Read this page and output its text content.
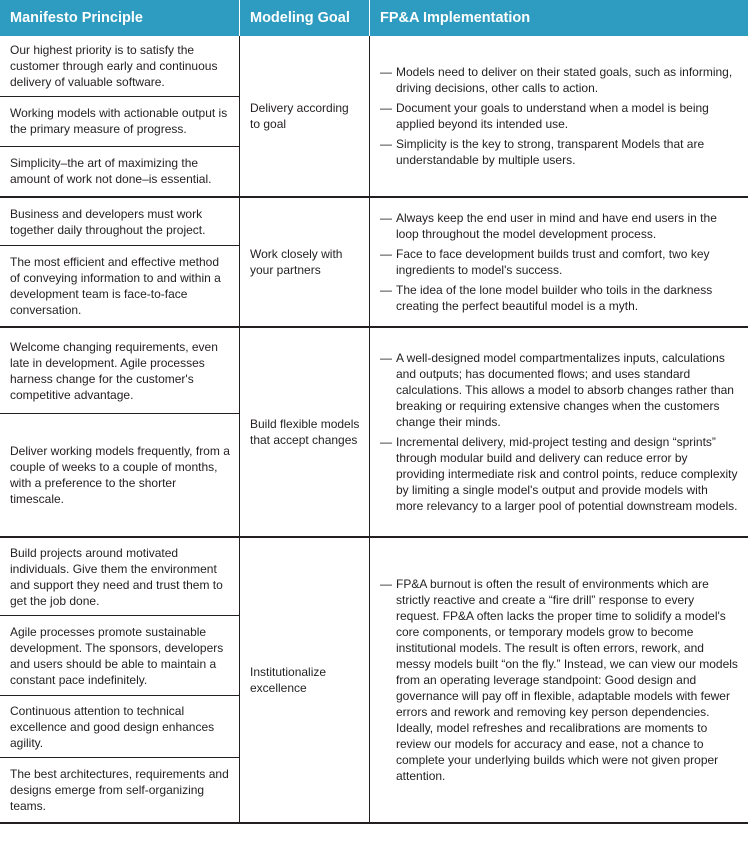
Manifesto Principle	Modeling Goal	FP&A Implementation
Our highest priority is to satisfy the customer through early and continuous delivery of valuable software.
Working models with actionable output is the primary measure of progress.
Simplicity–the art of maximizing the amount of work not done–is essential.
Delivery according to goal
— Models need to deliver on their stated goals, such as informing, driving decisions, other calls to action.
— Document your goals to understand when a model is being applied beyond its intended use.
— Simplicity is the key to strong, transparent Models that are understandable by multiple users.
Business and developers must work together daily throughout the project.
The most efficient and effective method of conveying information to and within a development team is face-to-face conversation.
Work closely with your partners
— Always keep the end user in mind and have end users in the loop throughout the model development process.
— Face to face development builds trust and comfort, two key ingredients to model's success.
— The idea of the lone model builder who toils in the darkness creating the perfect beautiful model is a myth.
Welcome changing requirements, even late in development. Agile processes harness change for the customer's competitive advantage.
Deliver working models frequently, from a couple of weeks to a couple of months, with a preference to the shorter timescale.
Build flexible models that accept changes
— A well-designed model compartmentalizes inputs, calculations and outputs; has documented flows; and uses standard calculations. This allows a model to absorb changes rather than breaking or requiring extensive changes when the customers change their minds.
— Incremental delivery, mid-project testing and design “sprints” through modular build and delivery can reduce error by providing intermediate risk and control points, reduce complexity by limiting a single model's output and provide models with more relevancy to a larger pool of potential downstream models.
Build projects around motivated individuals. Give them the environment and support they need and trust them to get the job done.
Agile processes promote sustainable development. The sponsors, developers and users should be able to maintain a constant pace indefinitely.
Continuous attention to technical excellence and good design enhances agility.
The best architectures, requirements and designs emerge from self-organizing teams.
Institutionalize excellence
— FP&A burnout is often the result of environments which are strictly reactive and create a “fire drill” response to every request. FP&A often lacks the proper time to solidify a model's core components, or temporary models grow to become institutional models. The result is often errors, rework, and messy models built “on the fly.” Instead, we can view our models from an operating leverage standpoint: Good design and governance will pay off in flexible, adaptable models with fewer errors and rework and removing key person dependencies. Ideally, model refreshes and recalibrations are moments to review our models for accuracy and ease, not a chance to complete your underlying builds which were not given proper attention.
